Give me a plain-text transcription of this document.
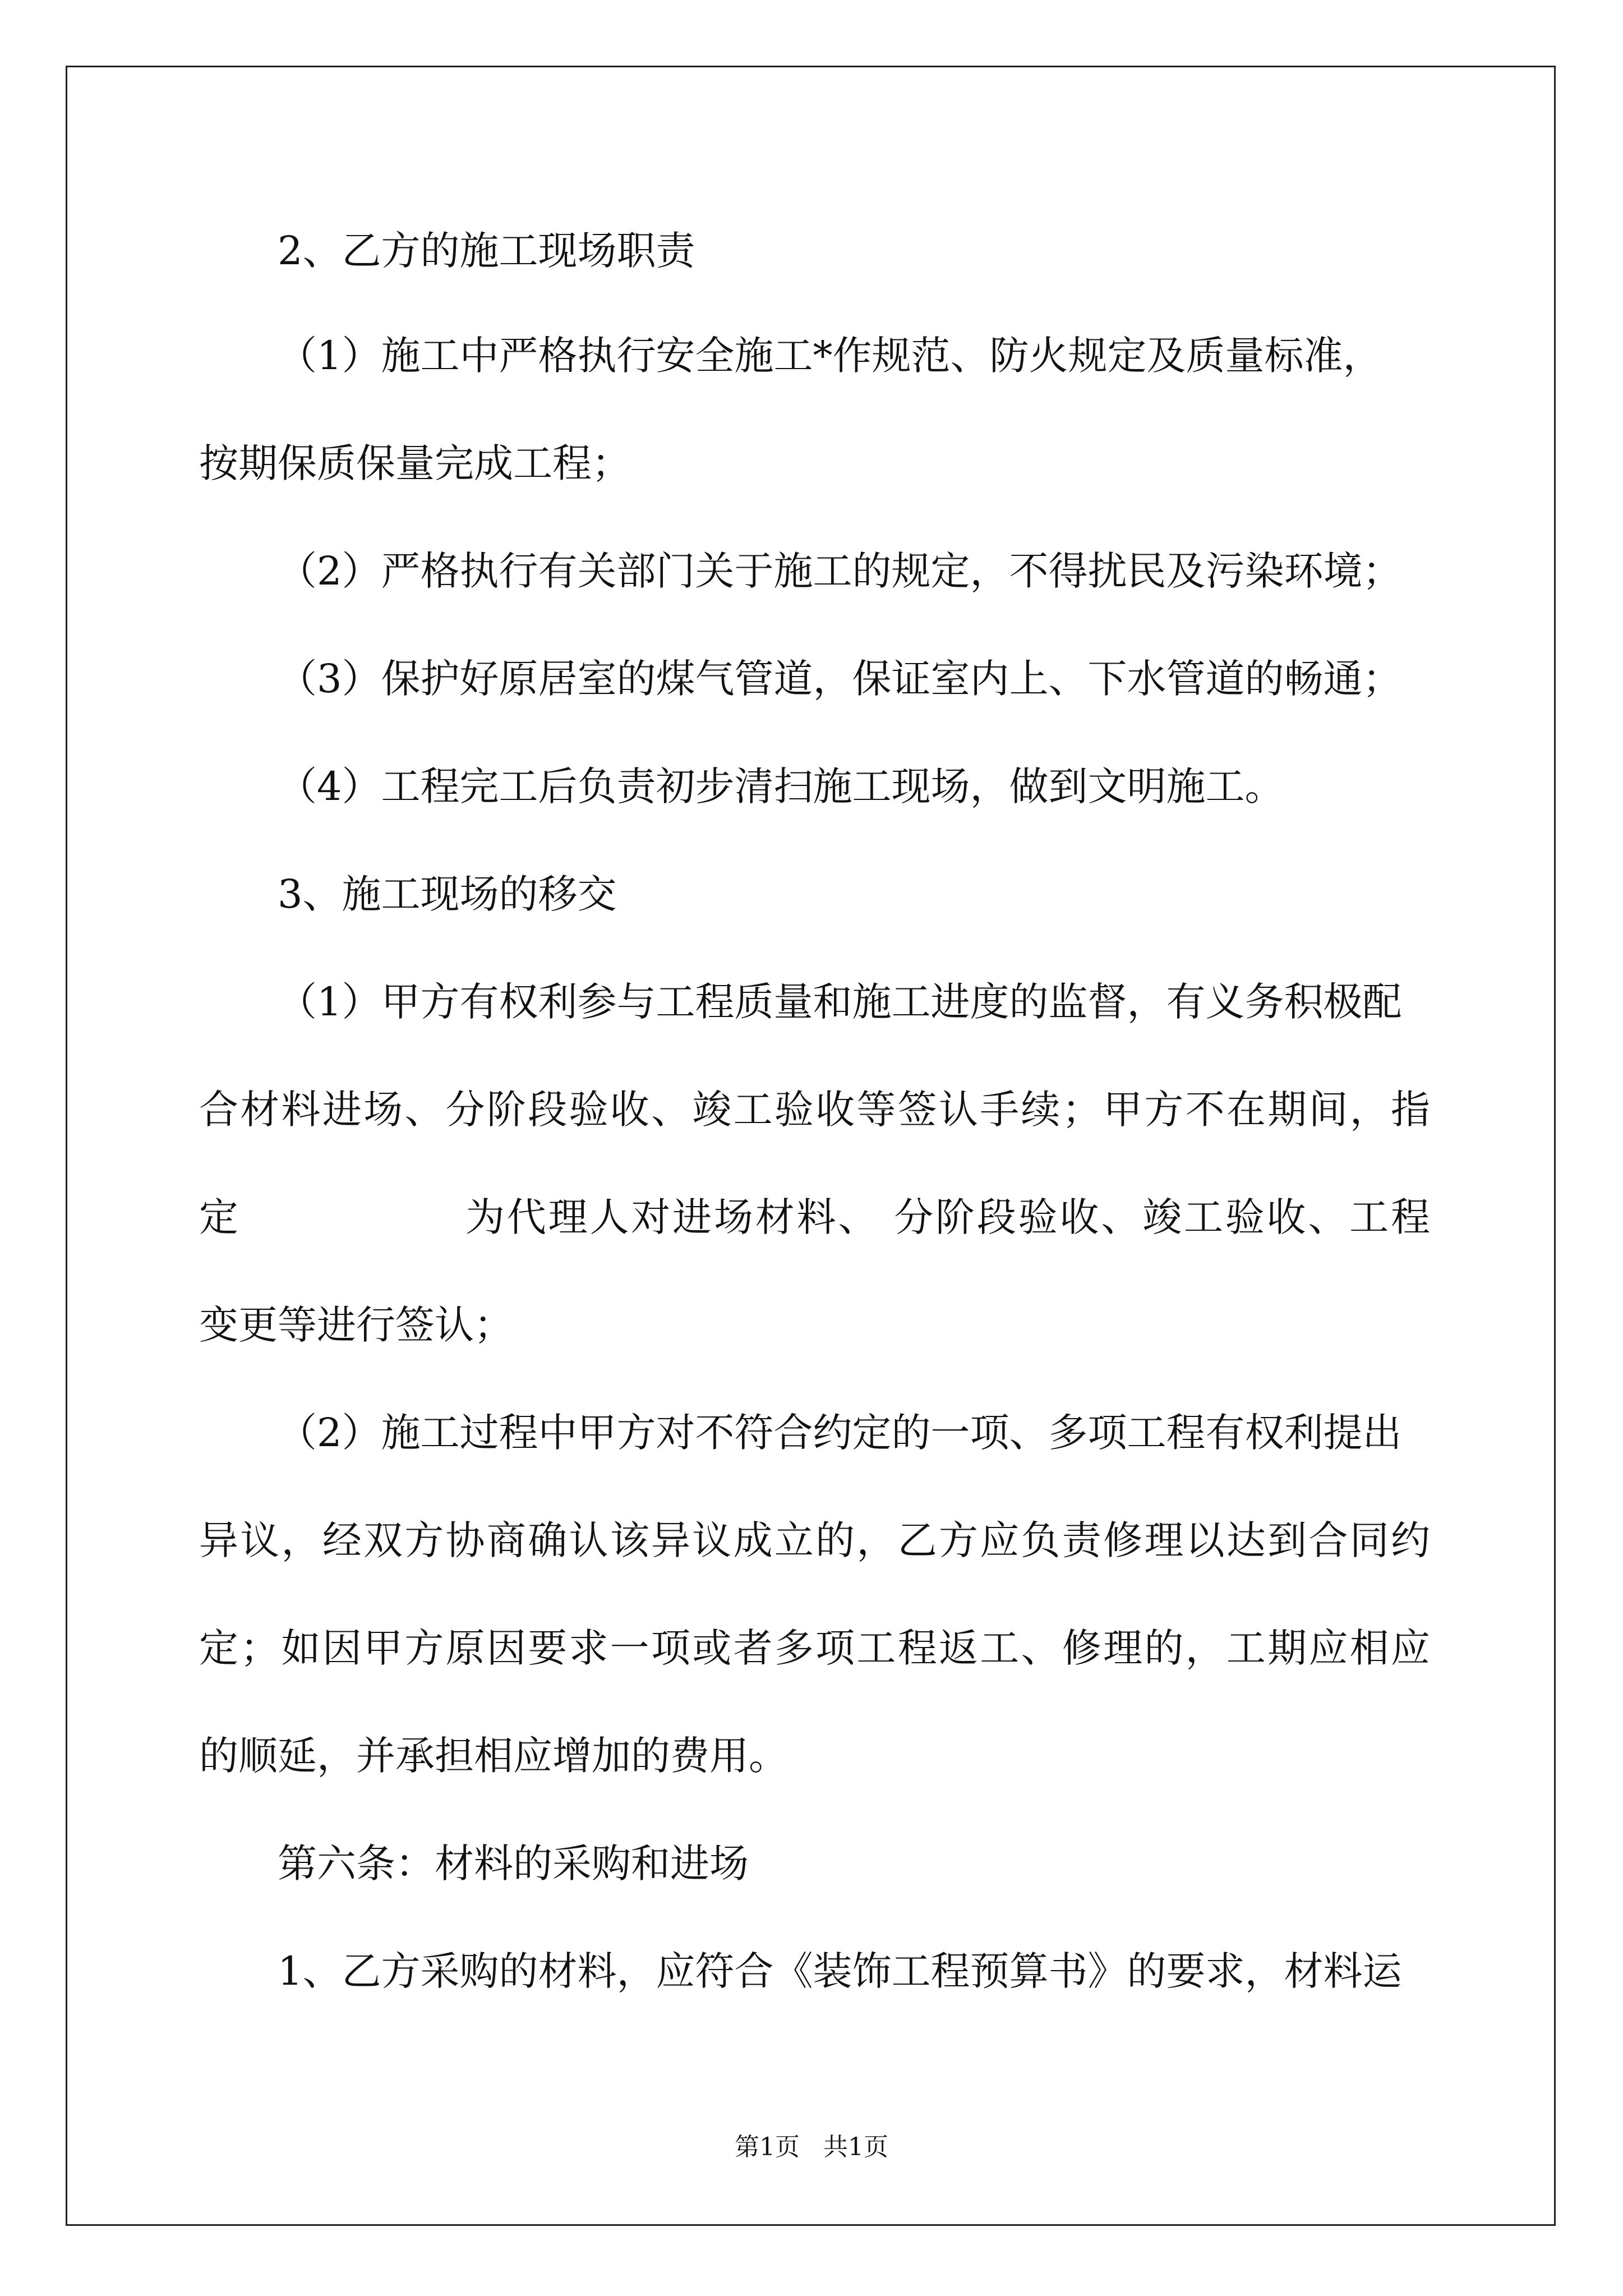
2、乙方的施工现场职责
（1）施工中严格执行安全施工*作规范、防火规定及质量标准，
按期保质保量完成工程；
（2）严格执行有关部门关于施工的规定，不得扰民及污染环境；
（3）保护好原居室的煤气管道，保证室内上、下水管道的畅通；
（4）工程完工后负责初步清扫施工现场，做到文明施工。
3、施工现场的移交
（1）甲方有权利参与工程质量和施工进度的监督，有义务积极配
合材料进场、分阶段验收、竣工验收等签认手续；甲方不在期间，指
定	为代理人对进场材料、 分阶段验收、竣工验收、工程
变更等进行签认；
（2）施工过程中甲方对不符合约定的一项、多项工程有权利提出
异议，经双方协商确认该异议成立的，乙方应负责修理以达到合同约
定；如因甲方原因要求一项或者多项工程返工、修理的，工期应相应
的顺延，并承担相应增加的费用。
第六条：材料的采购和进场
1、乙方采购的材料，应符合《装饰工程预算书》的要求，材料运
第1页   共1页
